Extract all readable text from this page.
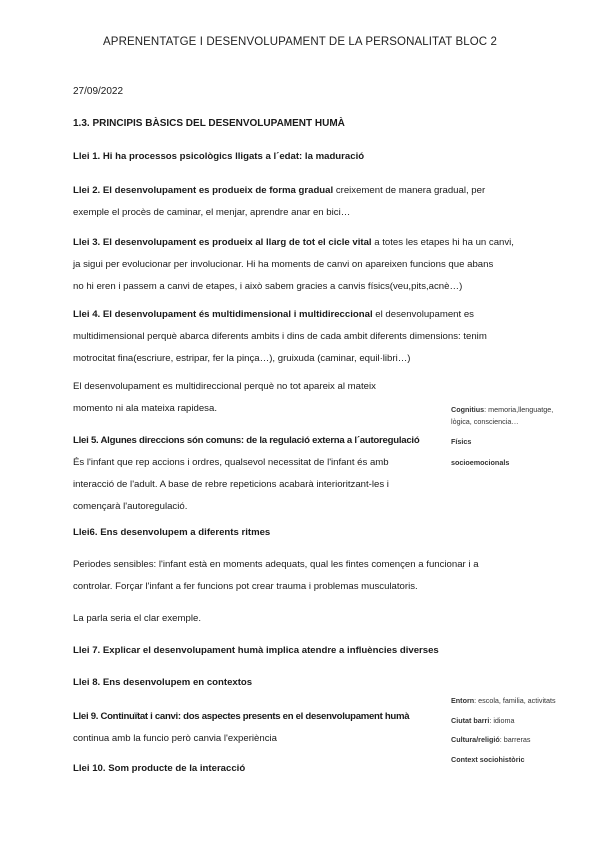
APRENENTATGE I DESENVOLUPAMENT DE LA PERSONALITAT BLOC 2
27/09/2022
1.3. PRINCIPIS BÀSICS DEL DESENVOLUPAMENT HUMÀ
Llei 1. Hi ha processos psicològics lligats a l´edat: la maduració
Llei 2. El desenvolupament es produeix de forma gradual creixement de manera gradual, per
exemple el procès de caminar, el menjar, aprendre anar en bici…
Llei 3. El desenvolupament es produeix al llarg de tot el cicle vital a totes les etapes hi ha un canvi,
ja sigui per evolucionar per involucionar. Hi ha moments de canvi on apareixen funcions que abans
no hi eren i passem a canvi de etapes, i això sabem gracies a canvis físics(veu,pits,acnè…)
Llei 4. El desenvolupament és multidimensional i multidireccional el desenvolupament es
multidimensional perquè abarca diferents ambits i dins de cada ambit diferents dimensions: tenim
motrocitat fina(escriure, estripar, fer la pinça…), gruixuda (caminar, equil·libri…)
El desenvolupament es multidireccional perquè no tot apareix al mateix
momento ni ala mateixa rapidesa.
Llei 5. Algunes direccions són comuns: de la regulació externa a l´autoregulació
És l'infant que rep accions i ordres, qualsevol necessitat de l'infant és amb
interacció de l'adult. A base de rebre repeticions acabarà interioritzant-les i
començarà l'autoregulació.
Llei6. Ens desenvolupem a diferents ritmes
Periodes sensibles: l'infant està en moments adequats, qual les fintes començen a funcionar i a
controlar. Forçar l'infant a fer funcions pot crear trauma i problemas musculatoris.
La parla seria el clar exemple.
Llei 7. Explicar el desenvolupament humà implica atendre a influències diverses
Llei 8. Ens desenvolupem en contextos
Llei 9. Continuïtat i canvi: dos aspectes presents en el desenvolupament humà
continua amb la funcio però canvia l'experiència
Llei 10. Som producte de la interacció
Cognitius: memoria,llenguatge,
lògica, consciencia…
Físics
socioemocionals
Entorn: escola, familia, activitats
Ciutat barri: idioma
Cultura/religió: barreras
Context sociohistòric
